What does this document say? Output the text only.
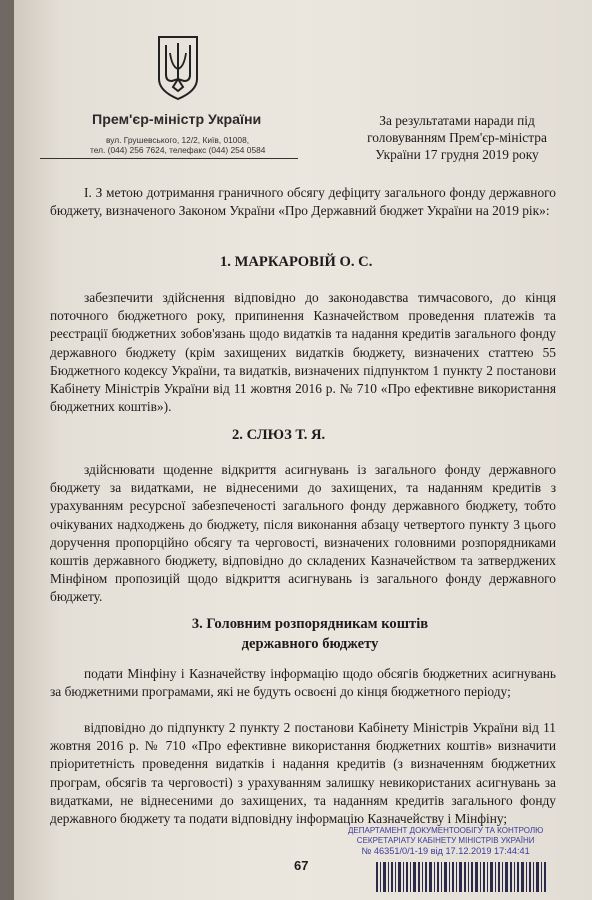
Прем'єр-міністр України
вул. Грушевського, 12/2, Київ, 01008,
тел. (044) 256 7624, телефакс (044) 254 0584
За результатами наради під
головуванням Прем'єр-міністра
України 17 грудня 2019 року

I. З метою дотримання граничного обсягу дефіциту загального фонду державного бюджету, визначеного Законом України «Про Державний бюджет України на 2019 рік»:

1. МАРКАРОВІЙ О. С.

забезпечити здійснення відповідно до законодавства тимчасового, до кінця поточного бюджетного року, припинення Казначейством проведення платежів та реєстрації бюджетних зобов'язань щодо видатків та надання кредитів загального фонду державного бюджету (крім захищених видатків бюджету, визначених статтею 55 Бюджетного кодексу України, та видатків, визначених підпунктом 1 пункту 2 постанови Кабінету Міністрів України від 11 жовтня 2016 р. № 710 «Про ефективне використання бюджетних коштів»).

2. СЛЮЗ Т. Я.

здійснювати щоденне відкриття асигнувань із загального фонду державного бюджету за видатками, не віднесеними до захищених, та наданням кредитів з урахуванням ресурсної забезпеченості загального фонду державного бюджету, тобто очікуваних надходжень до бюджету, після виконання абзацу четвертого пункту 3 цього доручення пропорційно обсягу та черговості, визначених головними розпорядниками коштів державного бюджету, відповідно до складених Казначейством та затверджених Мінфіном пропозицій щодо відкриття асигнувань із загального фонду державного бюджету.

3. Головним розпорядникам коштів
державного бюджету

подати Мінфіну і Казначейству інформацію щодо обсягів бюджетних асигнувань за бюджетними програмами, які не будуть освоєні до кінця бюджетного періоду;

відповідно до підпункту 2 пункту 2 постанови Кабінету Міністрів України від 11 жовтня 2016 р. № 710 «Про ефективне використання бюджетних коштів» визначити пріоритетність проведення видатків і надання кредитів (з визначенням бюджетних програм, обсягів та черговості) з урахуванням залишку невикористаних асигнувань за видатками, не віднесеними до захищених, та наданням кредитів загального фонду державного бюджету та подати відповідну інформацію Казначейству і Мінфіну;

67
ДЕПАРТАМЕНТ ДОКУМЕНТООБІГУ ТА КОНТРОЛЮ
СЕКРЕТАРІАТУ КАБІНЕТУ МІНІСТРІВ УКРАЇНИ
№ 46351/0/1-19 від 17.12.2019 17:44:41
